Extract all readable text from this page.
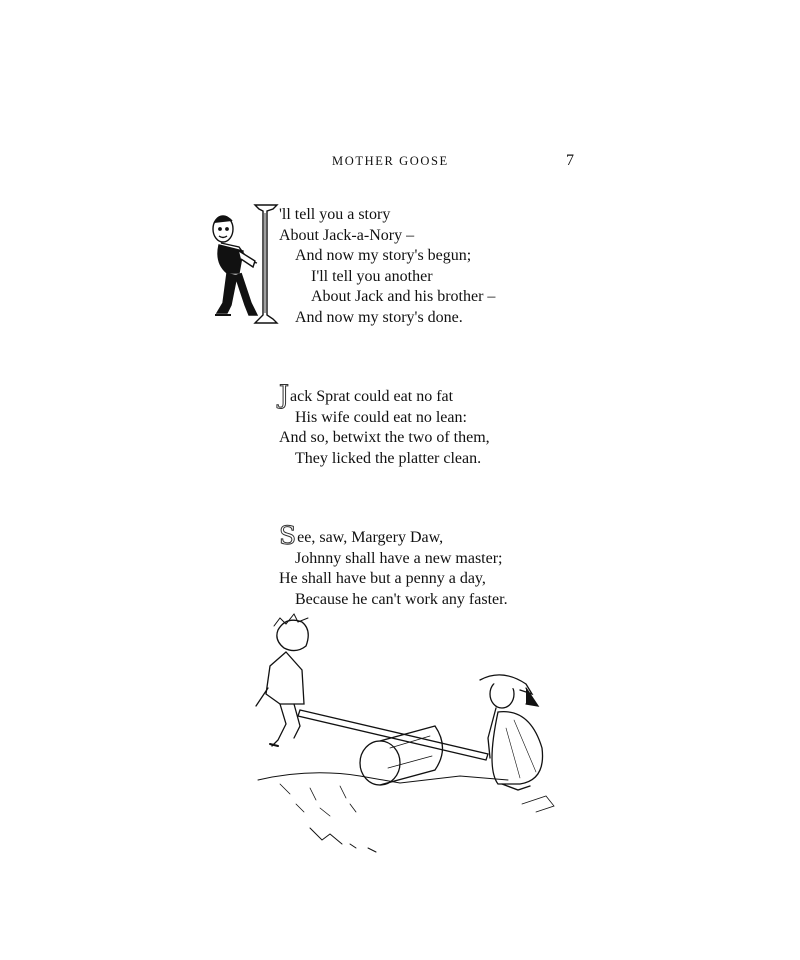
MOTHER GOOSE	7
'll tell you a story
About Jack-a-Nory –
And now my story's begun;
I'll tell you another
About Jack and his brother –
And now my story's done.
Jack Sprat could eat no fat
His wife could eat no lean:
And so, betwixt the two of them,
They licked the platter clean.
See, saw, Margery Daw,
Johnny shall have a new master;
He shall have but a penny a day,
Because he can't work any faster.
